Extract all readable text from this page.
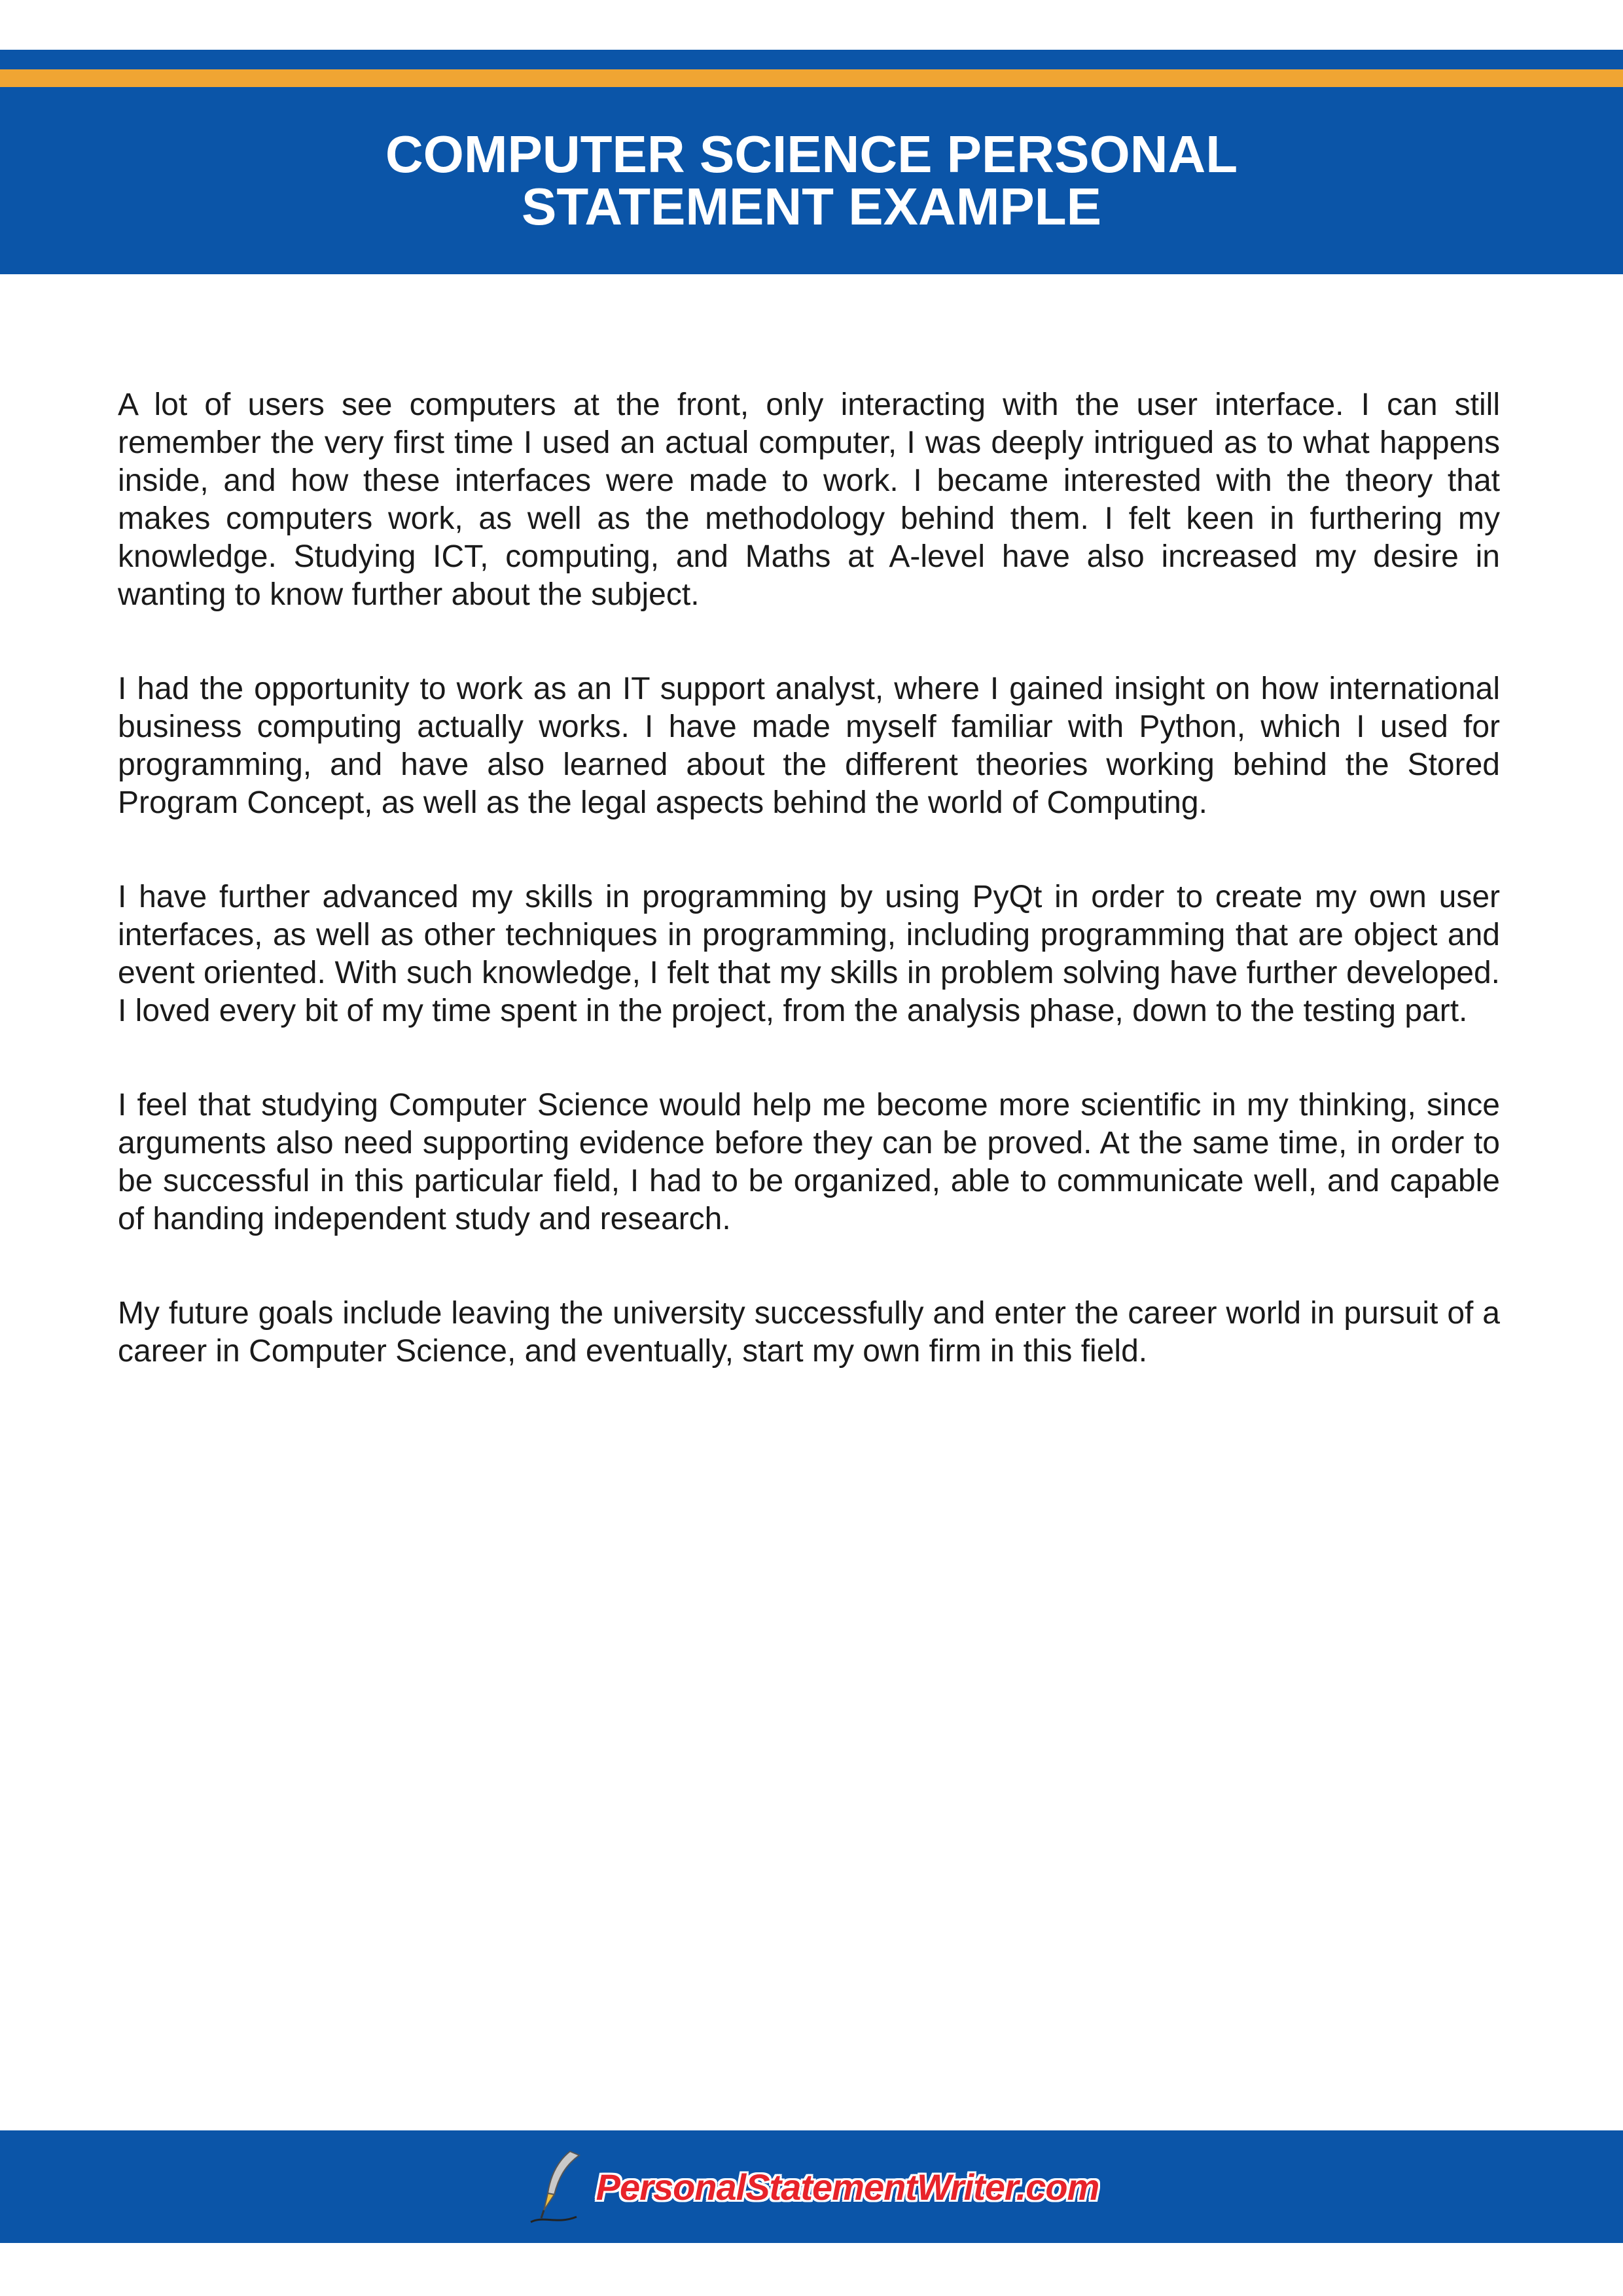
COMPUTER SCIENCE PERSONAL
STATEMENT EXAMPLE

A lot of users see computers at the front, only interacting with the user interface. I can still remember the very first time I used an actual computer, I was deeply intrigued as to what happens inside, and how these interfaces were made to work. I became interested with the theory that makes computers work, as well as the methodology behind them. I felt keen in furthering my knowledge. Studying ICT, computing, and Maths at A-level have also increased my desire in wanting to know further about the subject.

I had the opportunity to work as an IT support analyst, where I gained insight on how international business computing actually works. I have made myself familiar with Python, which I used for programming, and have also learned about the different theories working behind the Stored Program Concept, as well as the legal aspects behind the world of Computing.

I have further advanced my skills in programming by using PyQt in order to create my own user interfaces, as well as other techniques in programming, including programming that are object and event oriented. With such knowledge, I felt that my skills in problem solving have further developed. I loved every bit of my time spent in the project, from the analysis phase, down to the testing part.

I feel that studying Computer Science would help me become more scientific in my thinking, since arguments also need supporting evidence before they can be proved. At the same time, in order to be successful in this particular field, I had to be organized, able to communicate well, and capable of handing independent study and research.

My future goals include leaving the university successfully and enter the career world in pursuit of a career in Computer Science, and eventually, start my own firm in this field.

PersonalStatementWriter.com
